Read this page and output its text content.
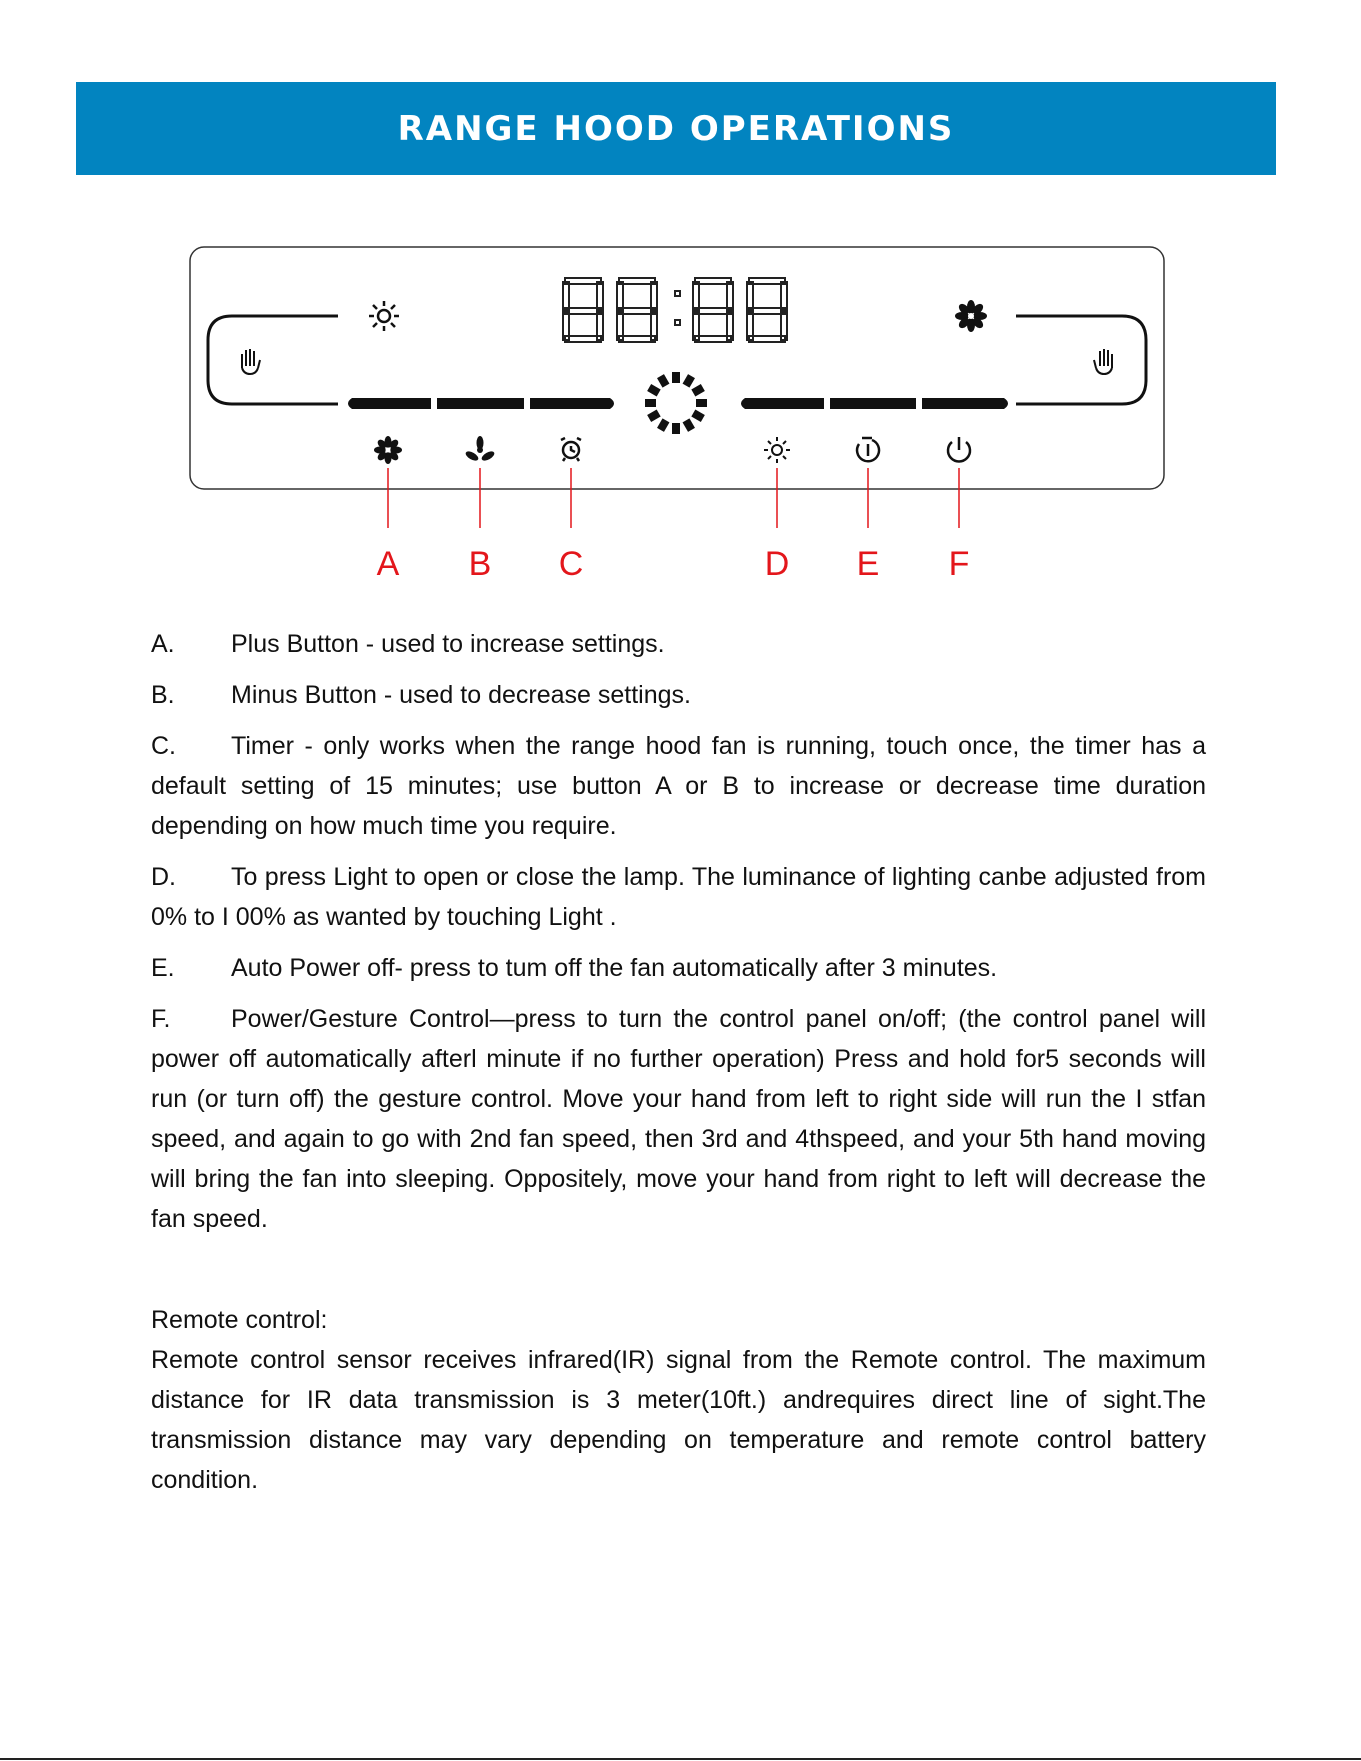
RANGE HOOD OPERATIONS
A B C	D E F
A. Plus Button - used to increase settings.
B. Minus Button - used to decrease settings.
C. Timer - only works when the range hood fan is running, touch once, the timer has a default setting of 15 minutes; use button A or B to increase or decrease time duration depending on how much time you require.
D. To press Light to open or close the lamp. The luminance of lighting canbe adjusted from 0% to I 00% as wanted by touching Light .
E. Auto Power off- press to tum off the fan automatically after 3 minutes.
F. Power/Gesture Control—press to turn the control panel on/off; (the control panel will power off automatically afterl minute if no further operation) Press and hold for5 seconds will run (or turn off) the gesture control. Move your hand from left to right side will run the I stfan speed, and again to go with 2nd fan speed, then 3rd and 4thspeed, and your 5th hand moving will bring the fan into sleeping. Oppositely, move your hand from right to left will decrease the fan speed.
Remote control:
Remote control sensor receives infrared(IR) signal from the Remote control. The maximum distance for IR data transmission is 3 meter(10ft.) andrequires direct line of sight.The transmission distance may vary depending on temperature and remote control battery condition.
